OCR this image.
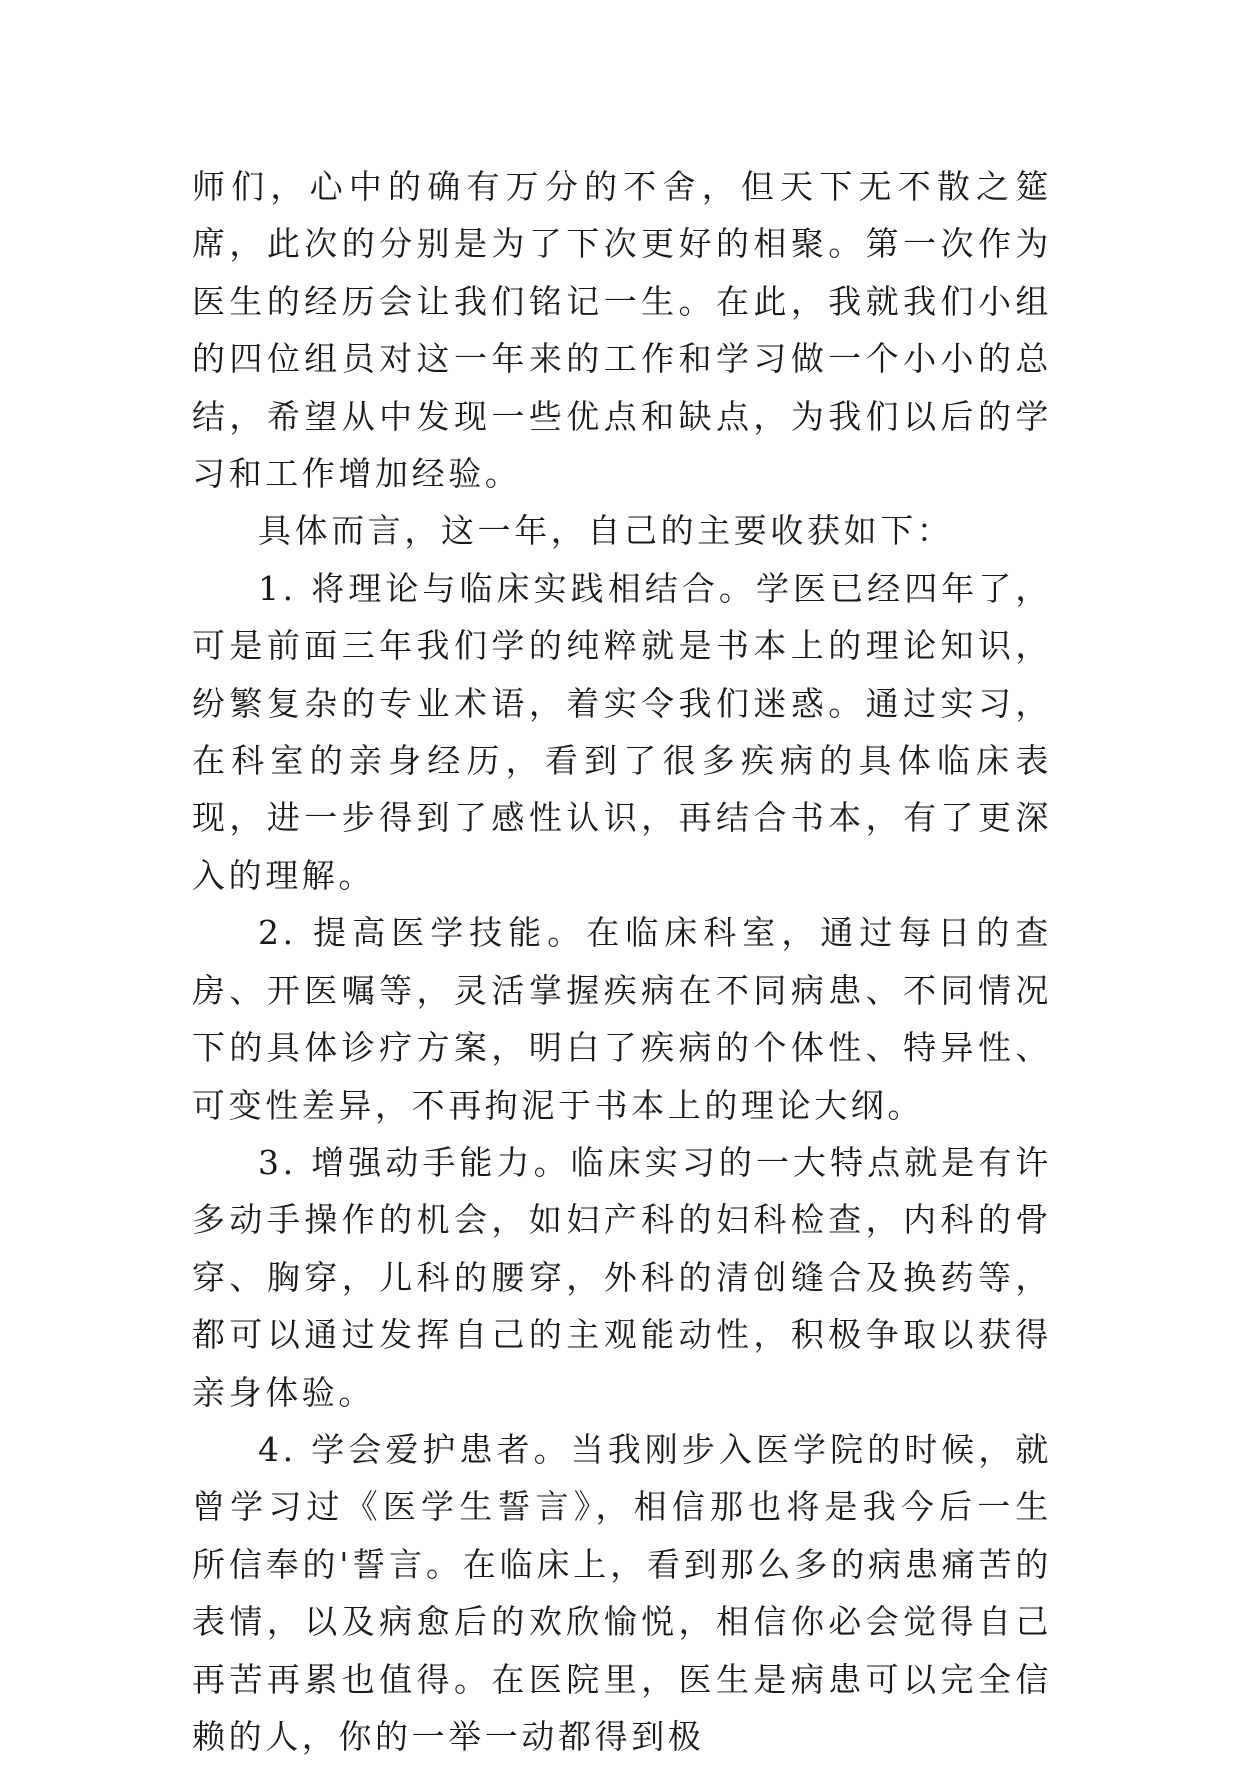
师们，心中的确有万分的不舍，但天下无不散之筵席，此次的分别是为了下次更好的相聚。第一次作为医生的经历会让我们铭记一生。在此，我就我们小组的四位组员对这一年来的工作和学习做一个小小的总结，希望从中发现一些优点和缺点，为我们以后的学习和工作增加经验。

具体而言，这一年，自己的主要收获如下：

1. 将理论与临床实践相结合。学医已经四年了，可是前面三年我们学的纯粹就是书本上的理论知识，纷繁复杂的专业术语，着实令我们迷惑。通过实习，在科室的亲身经历，看到了很多疾病的具体临床表现，进一步得到了感性认识，再结合书本，有了更深入的理解。

2. 提高医学技能。在临床科室，通过每日的查房、开医嘱等，灵活掌握疾病在不同病患、不同情况下的具体诊疗方案，明白了疾病的个体性、特异性、可变性差异，不再拘泥于书本上的理论大纲。

3. 增强动手能力。临床实习的一大特点就是有许多动手操作的机会，如妇产科的妇科检查，内科的骨穿、胸穿，儿科的腰穿，外科的清创缝合及换药等，都可以通过发挥自己的主观能动性，积极争取以获得亲身体验。

4. 学会爱护患者。当我刚步入医学院的时候，就曾学习过《医学生誓言》，相信那也将是我今后一生所信奉的'誓言。在临床上，看到那么多的病患痛苦的表情，以及病愈后的欢欣愉悦，相信你必会觉得自己再苦再累也值得。在医院里，医生是病患可以完全信赖的人，你的一举一动都得到极
